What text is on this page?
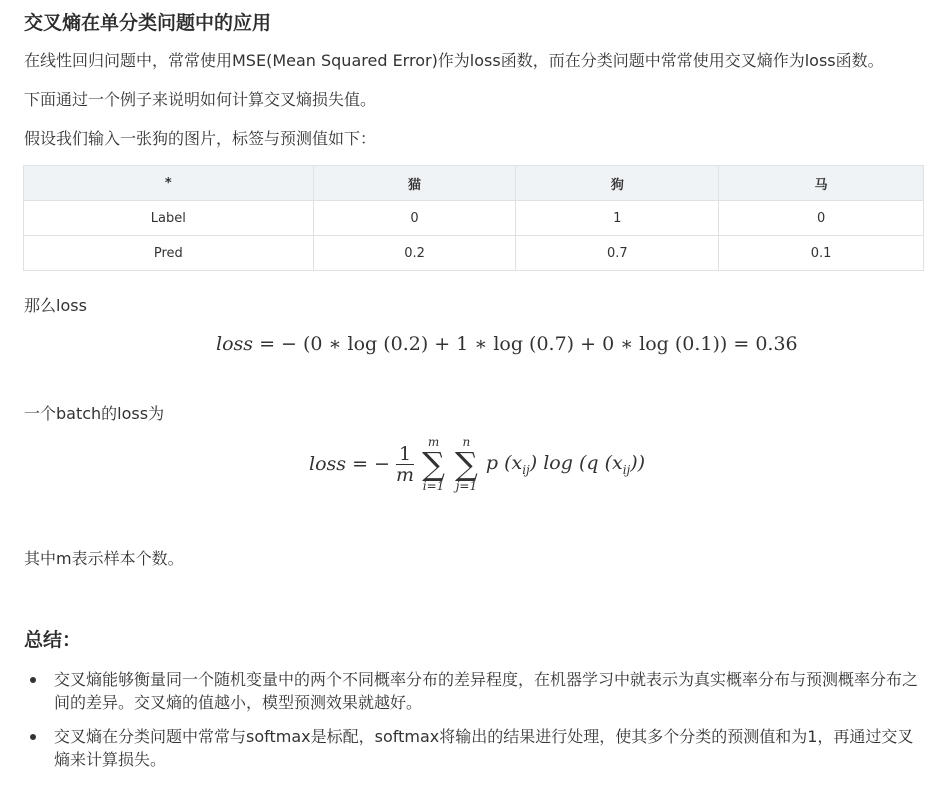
交叉熵在单分类问题中的应用
在线性回归问题中，常常使用MSE(Mean Squared Error)作为loss函数，而在分类问题中常常使用交叉熵作为loss函数。
下面通过一个例子来说明如何计算交叉熵损失值。
假设我们输入一张狗的图片，标签与预测值如下：
*	猫	狗	马
Label	0	1	0
Pred	0.2	0.7	0.1
那么loss
loss = − (0 ∗ log (0.2) + 1 ∗ log (0.7) + 0 ∗ log (0.1)) = 0.36
一个batch的loss为
loss = − $\frac{1}{m}$

m
∑
i=1

n
∑
j=1
p $(x_{ij})$ log (q $(x_{ij})$)
其中m表示样本个数。
总结：
交叉熵能够衡量同一个随机变量中的两个不同概率分布的差异程度，在机器学习中就表示为真实概率分布与预测概率分布之间的差异。交叉熵的值越小，模型预测效果就越好。
交叉熵在分类问题中常常与softmax是标配，softmax将输出的结果进行处理，使其多个分类的预测值和为1，再通过交叉熵来计算损失。
